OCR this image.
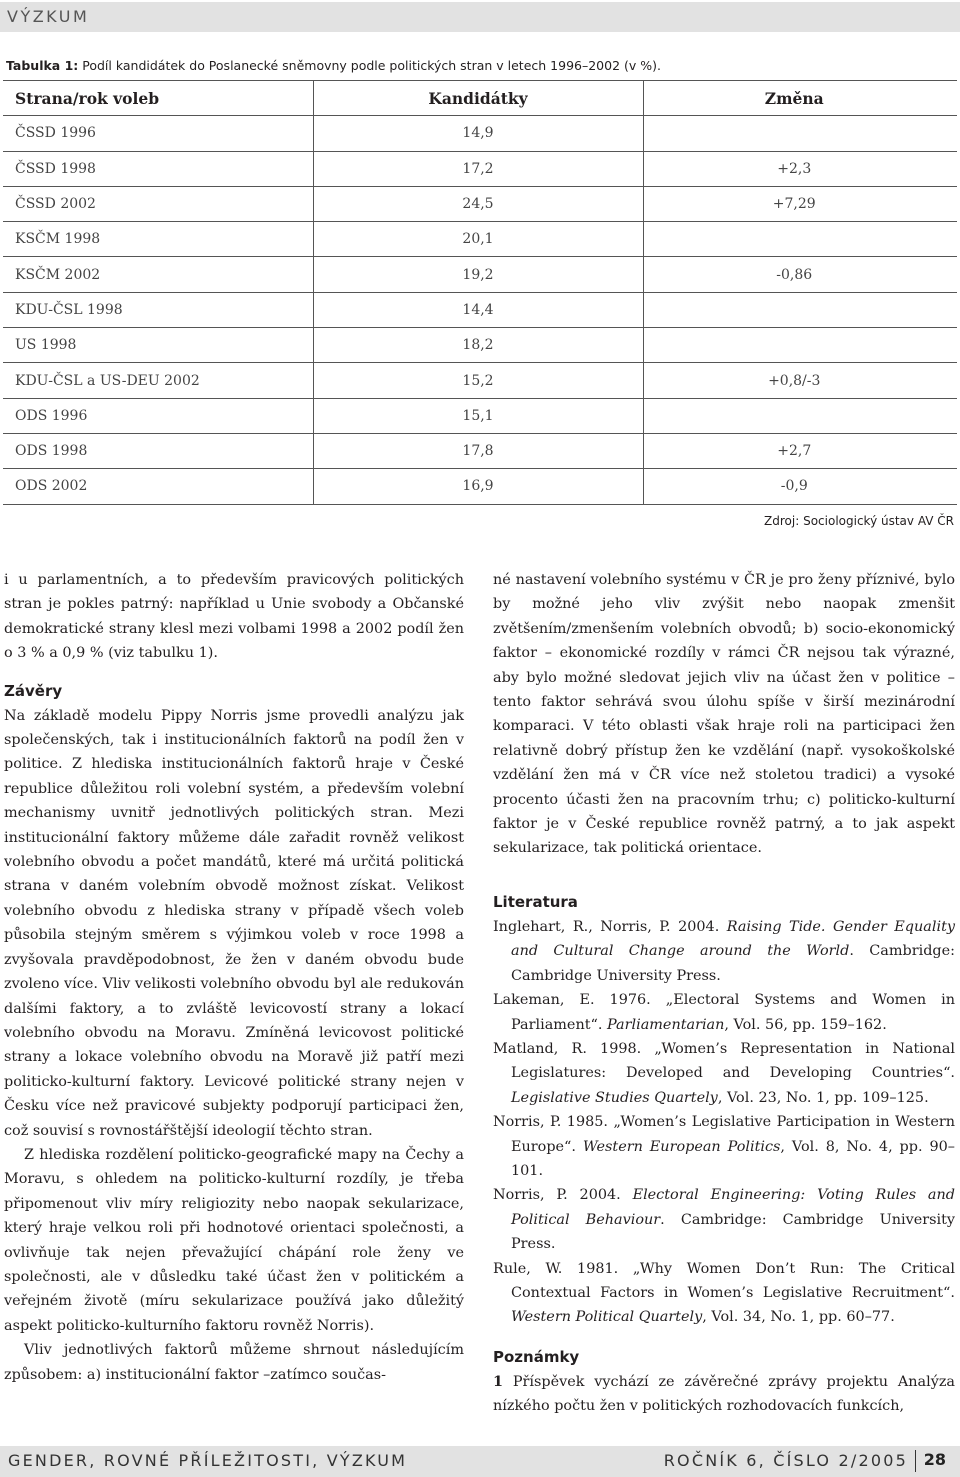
VÝZKUM
Tabulka 1: Podíl kandidátek do Poslanecké sněmovny podle politických stran v letech 1996–2002 (v %).
Strana/rok voleb	Kandidátky	Změna
ČSSD 1996	14,9	
ČSSD 1998	17,2	+2,3
ČSSD 2002	24,5	+7,29
KSČM 1998	20,1	
KSČM 2002	19,2	-0,86
KDU-ČSL 1998	14,4	
US 1998	18,2	
KDU-ČSL a US-DEU 2002	15,2	+0,8/-3
ODS 1996	15,1	
ODS 1998	17,8	+2,7
ODS 2002	16,9	-0,9
Zdroj: Sociologický ústav AV ČR

i u parlamentních, a to především pravicových politických stran je pokles patrný: například u Unie svobody a Občanské demokratické strany klesl mezi volbami 1998 a 2002 podíl žen o 3 % a 0,9 % (viz tabulku 1).

Závěry

Na základě modelu Pippy Norris jsme provedli analýzu jak společenských, tak i institucionálních faktorů na podíl žen v politice. Z hlediska institucionálních faktorů hraje v České republice důležitou roli volební systém, a především volební mechanismy uvnitř jednotlivých politických stran. Mezi institucionální faktory můžeme dále zařadit rovněž velikost volebního obvodu a počet mandátů, které má určitá politická strana v daném volebním obvodě možnost získat. Velikost volebního obvodu z hlediska strany v případě všech voleb působila stejným směrem s výjimkou voleb v roce 1998 a zvyšovala pravděpodobnost, že žen v daném obvodu bude zvoleno více. Vliv velikosti volebního obvodu byl ale redukován dalšími faktory, a to zvláště levicovostí strany a lokací volebního obvodu na Moravu. Zmíněná levicovost politické strany a lokace volebního obvodu na Moravě již patří mezi politicko-kulturní faktory. Levicové politické strany nejen v Česku více než pravicové subjekty podporují participaci žen, což souvisí s rovnostářštější ideologií těchto stran.

Z hlediska rozdělení politicko-geografické mapy na Čechy a Moravu, s ohledem na politicko-kulturní rozdíly, je třeba připomenout vliv míry religiozity nebo naopak sekularizace, který hraje velkou roli při hodnotové orientaci společnosti, a ovlivňuje tak nejen převažující chápání role ženy ve společnosti, ale v důsledku také účast žen v politickém a veřejném životě (míru sekularizace používá jako důležitý aspekt politicko-kulturního faktoru rovněž Norris).

Vliv jednotlivých faktorů můžeme shrnout následujícím způsobem: a) institucionální faktor –zatímco součas-

né nastavení volebního systému v ČR je pro ženy příznivé, bylo by možné jeho vliv zvýšit nebo naopak zmenšit zvětšením/zmenšením volebních obvodů; b) socio-ekonomický faktor – ekonomické rozdíly v rámci ČR nejsou tak výrazné, aby bylo možné sledovat jejich vliv na účast žen v politice – tento faktor sehrává svou úlohu spíše v širší mezinárodní komparaci. V této oblasti však hraje roli na participaci žen relativně dobrý přístup žen ke vzdělání (např. vysokoškolské vzdělání žen má v ČR více než stoletou tradici) a vysoké procento účasti žen na pracovním trhu; c) politicko-kulturní faktor je v České republice rovněž patrný, a to jak aspekt sekularizace, tak politická orientace.

Literatura

Inglehart, R., Norris, P. 2004. Raising Tide. Gender Equality and Cultural Change around the World. Cambridge: Cambridge University Press.

Lakeman, E. 1976. „Electoral Systems and Women in Parliament“. Parliamentarian, Vol. 56, pp. 159–162.

Matland, R. 1998. „Women’s Representation in National Legislatures: Developed and Developing Countries“. Legislative Studies Quartely, Vol. 23, No. 1, pp. 109–125.

Norris, P. 1985. „Women’s Legislative Participation in Western Europe“. Western European Politics, Vol. 8, No. 4, pp. 90–101.

Norris, P. 2004. Electoral Engineering: Voting Rules and Political Behaviour. Cambridge: Cambridge University Press.

Rule, W. 1981. „Why Women Don’t Run: The Critical Contextual Factors in Women’s Legislative Recruitment“. Western Political Quartely, Vol. 34, No. 1, pp. 60–77.

Poznámky

1 Příspěvek vychází ze závěrečné zprávy projektu Analýza nízkého počtu žen v politických rozhodovacích funkcích,

GENDER, ROVNÉ PŘÍLEŽITOSTI, VÝZKUM	ROČNÍK 6, ČÍSLO 2/2005 28
